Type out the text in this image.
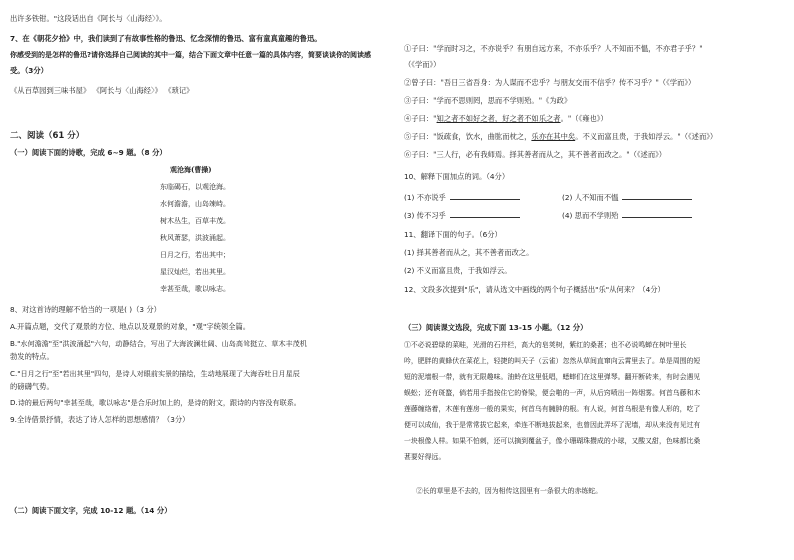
出许多铁钳。"这段话出自《阿长与〈山海经〉》。
7、在《朝花夕拾》中，我们读到了有故事性格的鲁迅、忆念深情的鲁迅、富有童真童趣的鲁迅。
你感受到的是怎样的鲁迅?请你选择自己阅读的其中一篇，结合下面文章中任意一篇的具体内容，简要谈谈你的阅读感
受。（3分）
《从百草园到三味书屋》 《阿长与〈山海经〉》 《琐记》
二、阅读（61 分）
（一）阅读下面的诗歌，完成 6~9 题。（8 分）
观沧海(曹操)
东临碣石，以观沧海。
水何澹澹，山岛竦峙。
树木丛生，百草丰茂。
秋风萧瑟，洪波涌起。
日月之行，若出其中；
星汉灿烂，若出其里。
幸甚至哉，歌以咏志。
8、对这首诗的理解不恰当的一项是( )（3 分）
A.开篇点题，交代了观景的方位、地点以及观景的对象，"观"字统领全篇。
B."水何澹澹"至"洪波涌起"六句，动静结合，写出了大海波澜壮阔、山岛高耸挺立、草木丰茂机
勃发的特点。
C."日月之行"至"若出其里"四句，是诗人对眼前实景的描绘，生动地展现了大海吞吐日月星辰
的磅礴气势。
D.诗的最后两句"幸甚至哉，歌以咏志"是合乐时加上的，是诗的附文，跟诗的内容没有联系。
9.全诗借景抒情，表达了诗人怎样的思想感情？（3分）
（二）阅读下面文字，完成 10-12 题。（14 分）
①子曰："学而时习之，不亦说乎？有朋自远方来，不亦乐乎？人不知而不愠，不亦君子乎？"
（《学而》）
②曾子曰："吾日三省吾身：为人谋而不忠乎？与朋友交而不信乎？传不习乎？"（《学而》）
③子曰："学而不思则罔，思而不学则殆。"《为政》
④子曰："知之者不如好之者，好之者不如乐之者。"（《雍也》）
⑤子曰："饭疏食，饮水，曲肱而枕之，乐亦在其中矣。不义而富且贵，于我如浮云。"（《述而》）
⑥子曰："三人行，必有我师焉。择其善者而从之，其不善者而改之。"（《述而》）
10、解释下面加点的词。（4分）
(1) 不亦说乎	(2) 人不知而不愠
(3) 传不习乎	(4) 思而不学则殆
11、翻译下面的句子。（6分）
(1) 择其善者而从之，其不善者而改之。
(2) 不义而富且贵，于我如浮云。
12、文段多次提到"乐"，请从选文中画线的两个句子概括出"乐"从何来？（4分）
（三）阅读课文选段，完成下面 13-15 小题。（12 分）
①不必说碧绿的菜畦，光滑的石井栏，高大的皂荚树，紫红的桑葚；也不必说鸣蝉在树叶里长
吟，肥胖的黄蜂伏在菜花上，轻捷的叫天子（云雀）忽然从草间直窜向云霄里去了。单是周围的短
短的泥墙根一带，就有无限趣味。油蛉在这里低唱，蟋蟀们在这里弹琴。翻开断砖来，有时会遇见
蜈蚣；还有斑蝥，倘若用手指按住它的脊梁，便会啪的一声，从后窍喷出一阵烟雾。何首乌藤和木
莲藤缠络着，木莲有莲房一般的果实，何首乌有臃肿的根。有人说，何首乌根是有像人形的，吃了
便可以成仙，我于是常常拔它起来，牵连不断地拔起来，也曾因此弄坏了泥墙，却从来没有见过有
一块根像人样。如果不怕刺，还可以摘到覆盆子，像小珊瑚珠攒成的小球，又酸又甜，色味都比桑
葚要好得远。
②长的草里是不去的，因为相传这园里有一条很大的赤练蛇。
